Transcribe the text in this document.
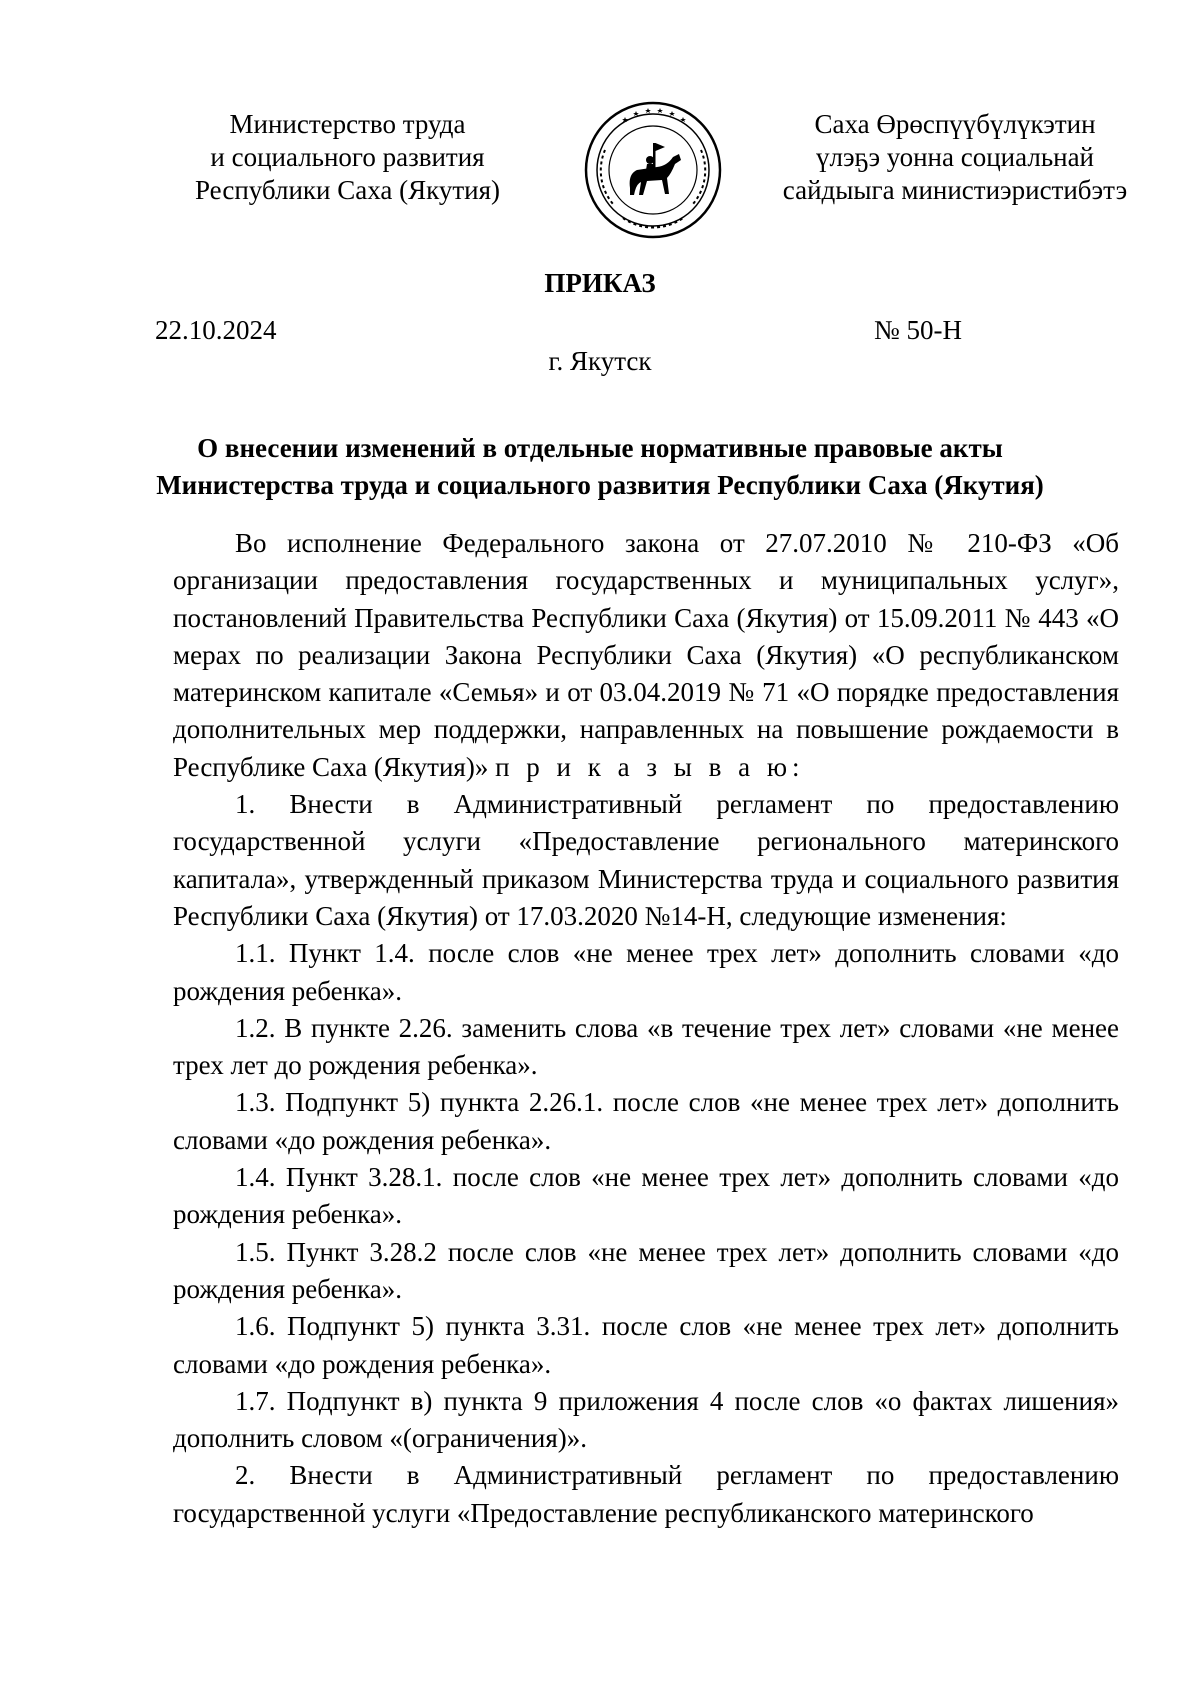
Министерство труда
и социального развития
Республики Саха (Якутия)
Саха Өрөспүүбүлүкэтин
үлэҕэ уонна социальнай
сайдыыга министиэристибэтэ
ПРИКАЗ
22.10.2024	№ 50-Н
г. Якутск
О внесении изменений в отдельные нормативные правовые акты
Министерства труда и социального развития Республики Саха (Якутия)

Во исполнение Федерального закона от 27.07.2010 № 210-ФЗ «Об организации предоставления государственных и муниципальных услуг», постановлений Правительства Республики Саха (Якутия) от 15.09.2011 № 443 «О мерах по реализации Закона Республики Саха (Якутия) «О республиканском материнском капитале «Семья» и от 03.04.2019 № 71 «О порядке предоставления дополнительных мер поддержки, направленных на повышение рождаемости в Республике Саха (Якутия)» п р и к а з ы в а ю:

1. Внести в Административный регламент по предоставлению государственной услуги «Предоставление регионального материнского капитала», утвержденный приказом Министерства труда и социального развития Республики Саха (Якутия) от 17.03.2020 №14-Н, следующие изменения:

1.1. Пункт 1.4. после слов «не менее трех лет» дополнить словами «до рождения ребенка».

1.2. В пункте 2.26. заменить слова «в течение трех лет» словами «не менее трех лет до рождения ребенка».

1.3. Подпункт 5) пункта 2.26.1. после слов «не менее трех лет» дополнить словами «до рождения ребенка».

1.4. Пункт 3.28.1. после слов «не менее трех лет» дополнить словами «до рождения ребенка».

1.5. Пункт 3.28.2 после слов «не менее трех лет» дополнить словами «до рождения ребенка».

1.6. Подпункт 5) пункта 3.31. после слов «не менее трех лет» дополнить словами «до рождения ребенка».

1.7. Подпункт в) пункта 9 приложения 4 после слов «о фактах лишения» дополнить словом «(ограничения)».

2. Внести в Административный регламент по предоставлению государственной услуги «Предоставление республиканского материнского
